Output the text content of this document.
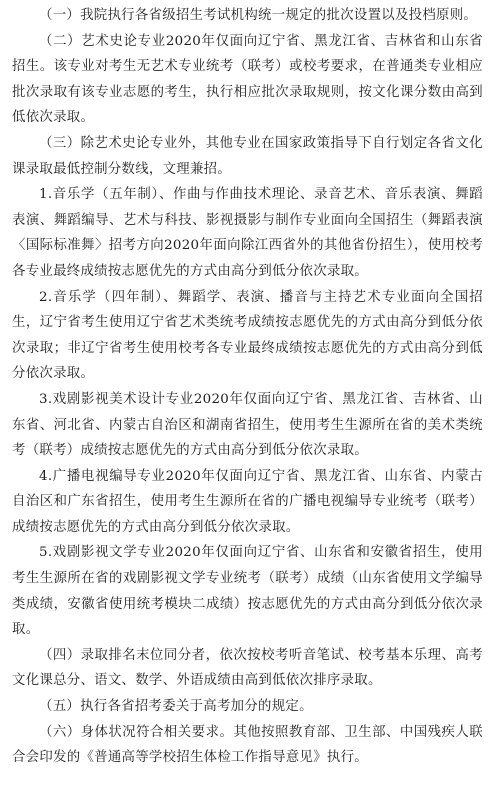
（一）我院执行各省级招生考试机构统一规定的批次设置以及投档原则。

（二）艺术史论专业2020年仅面向辽宁省、黑龙江省、吉林省和山东省招生。该专业对考生无艺术专业统考（联考）或校考要求，在普通类专业相应批次录取有该专业志愿的考生，执行相应批次录取规则，按文化课分数由高到低依次录取。

（三）除艺术史论专业外，其他专业在国家政策指导下自行划定各省文化课录取最低控制分数线，文理兼招。

1.音乐学（五年制）、作曲与作曲技术理论、录音艺术、音乐表演、舞蹈表演、舞蹈编导、艺术与科技、影视摄影与制作专业面向全国招生（舞蹈表演〈国际标准舞〉招考方向2020年面向除江西省外的其他省份招生），使用校考各专业最终成绩按志愿优先的方式由高分到低分依次录取。

2.音乐学（四年制）、舞蹈学、表演、播音与主持艺术专业面向全国招生，辽宁省考生使用辽宁省艺术类统考成绩按志愿优先的方式由高分到低分依次录取；非辽宁省考生使用校考各专业最终成绩按志愿优先的方式由高分到低分依次录取。

3.戏剧影视美术设计专业2020年仅面向辽宁省、黑龙江省、吉林省、山东省、河北省、内蒙古自治区和湖南省招生，使用考生生源所在省的美术类统考（联考）成绩按志愿优先的方式由高分到低分依次录取。

4.广播电视编导专业2020年仅面向辽宁省、黑龙江省、山东省、内蒙古自治区和广东省招生，使用考生生源所在省的广播电视编导专业统考（联考）成绩按志愿优先的方式由高分到低分依次录取。

5.戏剧影视文学专业2020年仅面向辽宁省、山东省和安徽省招生，使用考生生源所在省的戏剧影视文学专业统考（联考）成绩（山东省使用文学编导类成绩，安徽省使用统考模块二成绩）按志愿优先的方式由高分到低分依次录取。

（四）录取排名末位同分者，依次按校考听音笔试、校考基本乐理、高考文化课总分、语文、数学、外语成绩由高到低依次排序录取。

（五）执行各省招考委关于高考加分的规定。

（六）身体状况符合相关要求。其他按照教育部、卫生部、中国残疾人联合会印发的《普通高等学校招生体检工作指导意见》执行。
